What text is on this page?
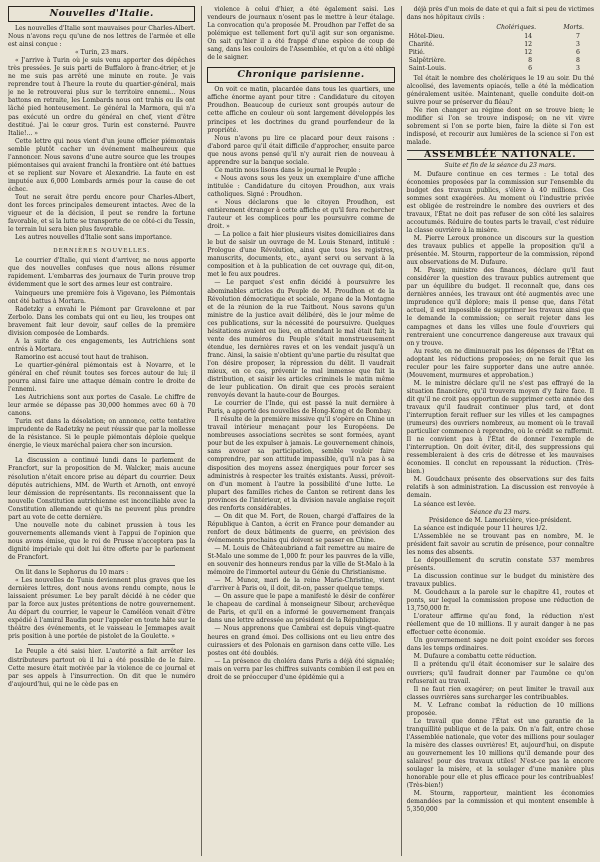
Nouvelles d'Italie.

Les nouvelles d'Italie sont mauvaises pour Charles-Albert. Nous n'avons reçu qu'une de nos lettres de l'armée et elle est ainsi conçue :

« Turin, 23 mars.

« J'arrive à Turin où je suis venu apporter des dépêches très pressées. Je suis parti de Buffaloro à franc-étrier, et je ne me suis pas arrêté une minute en route. Je vais reprendre tout à l'heure la route du quartier-général, mais je ne le retrouverai plus sur le territoire ennemi... Nous battons en retraite, les Lombards nous ont trahis ou ils ont lâché pied honteusement. Le général la Marmora, qui n'a pas exécuté un ordre du général en chef, vient d'être destitué. J'ai le cœur gros. Turin est consterné. Pauvre Italie!... »

Cette lettre qui nous vient d'un jeune officier piémontais semble plutôt cacher un événement malheureux que l'annoncer. Nous savons d'une autre source que les troupes piémontaises qui avaient franchi la frontière ont été battues et se replient sur Novare et Alexandrie. La faute en est imputée aux 6,000 Lombards armés pour la cause de cet échec.

Tout ne serait être perdu encore pour Charles-Albert, dont les forces principales demeurent intactes. Avec de la vigueur et de la décision, il peut se rendre la fortune favorable, et si la lutte se transporte de ce côté-ci du Tessin, le terrain lui sera bien plus favorable.

Les autres nouvelles d'Italie sont sans importance.

DERNIÈRES NOUVELLES.

Le courrier d'Italie, qui vient d'arriver, ne nous apporte que des nouvelles confuses que nous allons résumer rapidement. L'embarras des journaux de Turin prouve trop évidemment que le sort des armes leur est contraire.

Vainqueurs une première fois à Vigevano, les Piémontais ont été battus à Mortara.

Radetzky a envahi le Piémont par Gravelonne et par Zerbolo. Dans les combats qui ont eu lieu, les troupes ont bravement fait leur devoir, sauf celles de la première division composée de Lombards.

A la suite de ces engagements, les Autrichiens sont entrés à Mortara.

Ramorino est accusé tout haut de trahison.

Le quartier-général piémontais est à Novarre, et le général en chef réunit toutes ses forces autour de lui; il pourra ainsi faire une attaque démain contre le droite de l'ennemi.

Les Autrichiens sont aux portes de Casale. Le chiffre de leur armée se dépasse pas 30,000 hommes avec 60 à 70 canons.

Turin est dans la désolation; on annonce, cette tentative imprudente de Radetzky ne peut réussir que par la mollesse de la résistance. Si le peuple piémontais déploie quelque énergie, le vieux maréchal paiera cher son incursion.

La discussion a continué lundi dans le parlement de Francfort, sur la proposition de M. Walcker, mais aucune résolution n'était encore prise au départ du courrier. Deux députés autrichiens, MM. de Wurth et Arnoth, ont envoyé leur démission de représentants. Ils reconnaissent que la nouvelle Constitution autrichienne est inconciliable avec la Constitution allemande et qu'ils ne peuvent plus prendre part au vote de cette dernière.

Une nouvelle note du cabinet prussien à tous les gouvernements allemands vient à l'appui de l'opinion que nous avons émise, que le roi de Prusse n'acceptera pas la dignité impériale qui doit lui être offerte par le parlement de Francfort.

On lit dans le Sephorus du 10 mars :

« Les nouvelles de Tunis deviennent plus graves que les dernières lettres, dont nous avons rendu compte, nous le laissaient présumer. Le bey paraît décidé à ne céder que par la force aux justes prétentions de notre gouvernement. Au départ du courrier, le vapeur le Caméléon venait d'être expédié à l'amiral Baudin pour l'appeler en toute hâte sur le théâtre des événements, et le vaisseau le Jemmapes avait pris position à une portée de pistolet de la Goulette. »

Le Peuple a été saisi hier. L'autorité a fait arrêter les distributeurs partout où il lui a été possible de le faire. Cette mesure était motivée par la violence de ce journal et par ses appels à l'insurrection. On dit que le numéro d'aujourd'hui, qui ne le cède pas en

violence à celui d'hier, a été également saisi. Les vendeurs de journaux n'osent pas le mettre à leur étalage. La convocation qu'a proposée M. Proudhon par l'effet de sa polémique est tellement fort qu'il agit sur son organisme. On sait qu'hier il a été frappé d'une espèce de coup de sang, dans les couloirs de l'Assemblée, et qu'on a été obligé de le saigner.

Chronique parisienne.

On voit ce matin, placardée dans tous les quartiers, une affiche énorme ayant pour titre : Candidature du citoyen Proudhon. Beaucoup de curieux sont groupés autour de cette affiche en couleur où sont largement développés les principes et les doctrines du grand pourfendeur de la propriété.

Nous n'avons pu lire ce placard pour deux raisons : d'abord parce qu'il était difficile d'approcher, ensuite parce que nous avons pensé qu'il n'y aurait rien de nouveau à apprendre sur la banque sociale.

Ce matin nous lisons dans le journal le Peuple :

« Nous avons sous les yeux un exemplaire d'une affiche intitulée : Candidature du citoyen Proudhon, aux vrais catholiques. Signé : Proudhon.

« Nous déclarons que le citoyen Proudhon, est entièrement étranger à cette affiche et qu'il fera rechercher l'auteur et les complices pour les poursuivre comme de droit. »

— La police a fait hier plusieurs visites domiciliaires dans le but de saisir un ouvrage de M. Louis Stenard, intitulé : Prologue d'une Révolution, ainsi que tous les registres, manuscrits, documents, etc., ayant servi ou servant à la composition et à la publication de cet ouvrage qui, dit-on, met le feu aux poudres.

— Le parquet s'est enfin décidé à poursuivre les abominables articles du Peuple de M. Proudhon et de la Révolution démocratique et sociale, organe de la Montagne et de la réunion de la rue Taitbout. Nous savons qu'un ministre de la justice avait délibéré, dès le jour même de ces publications, sur la nécessité de poursuivre. Quelques hésitations avaient eu lieu, en attendant le mal était fait; la vente des numéros du Peuple s'était monstrueusement étendue, les dernières raves et on les vendait jusqu'à un franc. Ainsi, la saisie n'obtient qu'une partie du résultat que l'on désire proposer, la répression du délit. Il vaudrait mieux, en ce cas, prévenir le mal immense que fait la distribution, et saisir les articles criminels le matin même de leur publication. On dirait que ces procès seraient renvoyés devant la haute-cour de Bourges.

Le courrier de l'Inde, qui est passé la nuit dernière à Paris, a apporté des nouvelles de Hong-Kong et de Bombay.

Il résulte de la première missive qu'il s'opère en Chine un travail intérieur menaçant pour les Européens. De nombreuses associations secrètes se sont formées, ayant pour but de les expulser à jamais. Le gouvernement chinois, sans avouer sa participation, semble vouloir faire comprendre, par son attitude impassible, qu'il n'a pas à sa disposition des moyens assez énergiques pour forcer ses administrés à respecter les traités existants. Aussi, prévoit-on d'un moment à l'autre la possibilité d'une lutte. Le plupart des familles riches de Canton se retirent dans les provinces de l'intérieur, et la division navale anglaise reçoit des renforts considérables.

— On dit que M. Fort, de Rouen, chargé d'affaires de la République à Canton, a écrit en France pour demander au renfort de deux bâtiments de guerre, en prévision des événements prochains qui doivent se passer en Chine.

— M. Louis de Châteaubriand a fait remettre au maire de St-Malo une somme de 1,000 fr. pour les pauvres de la ville, en souvenir des honneurs rendus par la ville de St-Malo à la mémoire de l'immortel auteur du Génie du Christianisme.

— M. Munoz, mari de la reine Marie-Christine, vient d'arriver à Paris où, il doit, dit-on, passer quelque temps.

— On assure que le pape a manifesté le désir de conférer le chapeau de cardinal à monseigneur Sibour, archevêque de Paris, et qu'il en a informé le gouvernement français dans une lettre adressée au président de la République.

— Nous apprenons que Cambrai est depuis vingt-quatre heures en grand émoi. Des collisions ont eu lieu entre des cuirassiers et des Polonais en garnison dans cette ville. Les postes ont été doublés.

— La présence du choléra dans Paris a déjà été signalée; mais on verra par les chiffres suivants combien il est peu en droit de se préoccuper d'une épidémie qui a

déjà près d'un mois de date et qui a fait si peu de victimes dans nos hôpitaux civils :

	Cholériques.	Morts.
Hôtel-Dieu.	14	7
Charité.	12	3
Pitié.	12	6
Salpêtrière.	8	8
Saint-Louis.	6	3

Tel était le nombre des cholériques le 19 au soir. Du thé alcoolisé, des lavements opiacés, telle a été la médication généralement usitée. Maintenant, quelle conduite doit-on suivre pour se préserver du fléau?

Ne rien changer au régime dont on se trouve bien; le modifier si l'on se trouve indisposé; on ne vit vivre sobrement si l'on se porte bien, faire la diète si l'on est indisposé, et recourir aux lumières de la science si l'on est malade.

ASSEMBLÉE NATIONALE.
Suite et fin de la séance du 23 mars.

M. Dufaure continue en ces termes : Le total des économies proposées par la commission sur l'ensemble du budget des travaux publics, s'élève à 40 millions. Ces sommes sont exagérées. Au moment où l'industrie privée est obligée de restreindre le nombre des ouvriers et des travaux, l'État ne doit pas refuser de son côté les salaires accoutumés. Réduire de toutes parts le travail, c'est réduire la classe ouvrière à la misère.

M. Pierre Leroux prononce un discours sur la question des travaux publics et appelle la proposition qu'il a présentée. M. Stourm, rapporteur de la commission, répond aux observations de M. Dufaure.

M. Passy, ministre des finances, déclare qu'il faut considérer la question des travaux publics autrement que par un équilibre du budget. Il reconnaît que, dans ces dernières années, les travaux ont été augmentés avec une imprudence qu'il déplore; mais il pense que, dans l'état actuel, il est impossible de supprimer les travaux ainsi que le demande la commission; ce serait rejeter dans les campagnes et dans les villes une foule d'ouvriers qui rentreraient une concurrence dangereuse aux travaux qui on y trouve.

Au reste, on ne diminuerait pas les dépenses de l'État en adoptant les réductions proposées; on ne ferait que les reculer pour les faire supporter dans une autre année. (Mouvement, murmures et approbation.)

M. le ministre déclare qu'il ne s'est pas effrayé de la situation financière, qu'il trouvera moyen d'y faire face. Il dit qu'il ne croit pas opportun de supprimer cette année des travaux qu'il faudrait continuer plus tard, et dont l'interruption ferait refluer sur les villes et les campagnes (rumeurs) des ouvriers nombreux, au moment où le travail particulier commence à reprendre, où le crédit se raffermit. Il ne convient pas à l'État de donner l'exemple de l'interruption. On doit éviter, dit-il, des suppressions qui ressembleraient à des cris de détresse et les mauvaises économies. Il conclut en repoussant la réduction. (Très-bien.)

M. Goudchaux présente des observations sur des faits relatifs à son administration. La discussion est renvoyée à demain.

La séance est levée.

Séance du 23 mars.

Présidence de M. Lamoricière, vice-président.

La séance est indiquée pour 11 heures 1/2.

L'Assemblée ne se trouvant pas en nombre, M. le président fait savoir au scrutin de présence, pour connaître les noms des absents.

Le dépouillement du scrutin constate 537 membres présents.

La discussion continue sur le budget du ministère des travaux publics.

M. Goudchaux a la parole sur le chapitre 41, routes et ponts, sur lequel la commission propose une réduction de 13,750,000 fr.

L'orateur affirme qu'au fond, la réduction n'est réellement que de 10 millions. Il y aurait danger à ne pas effectuer cette économie.

Un gouvernement sage ne doit point excéder ses forces dans les temps ordinaires.

M. Dufaure a combattu cette réduction.

Il a prétendu qu'il était économiser sur le salaire des ouvriers; qu'il faudrait donner par l'aumône ce qu'on refuserait au travail.

Il ne faut rien exagérer; on peut limiter le travail aux classes ouvrières sans surcharger les contribuables.

M. V. Lefranc combat la réduction de 10 millions proposée.

Le travail que donne l'État est une garantie de la tranquillité publique et de la paix. On n'a fait, entre chose l'Assemblée nationale, que voter des millions pour soulager la misère des classes ouvrières! Et, aujourd'hui, on dispute au gouvernement les 10 millions qu'il demande pour des salaires! pour des travaux utiles! N'est-ce pas la encore soulager la misère, et la soulager d'une manière plus honorable pour elle et plus efficace pour les contribuables! (Très-bien!)

M. Stourm, rapporteur, maintient les économies demandées par la commission et qui montent ensemble à 5,350,000
